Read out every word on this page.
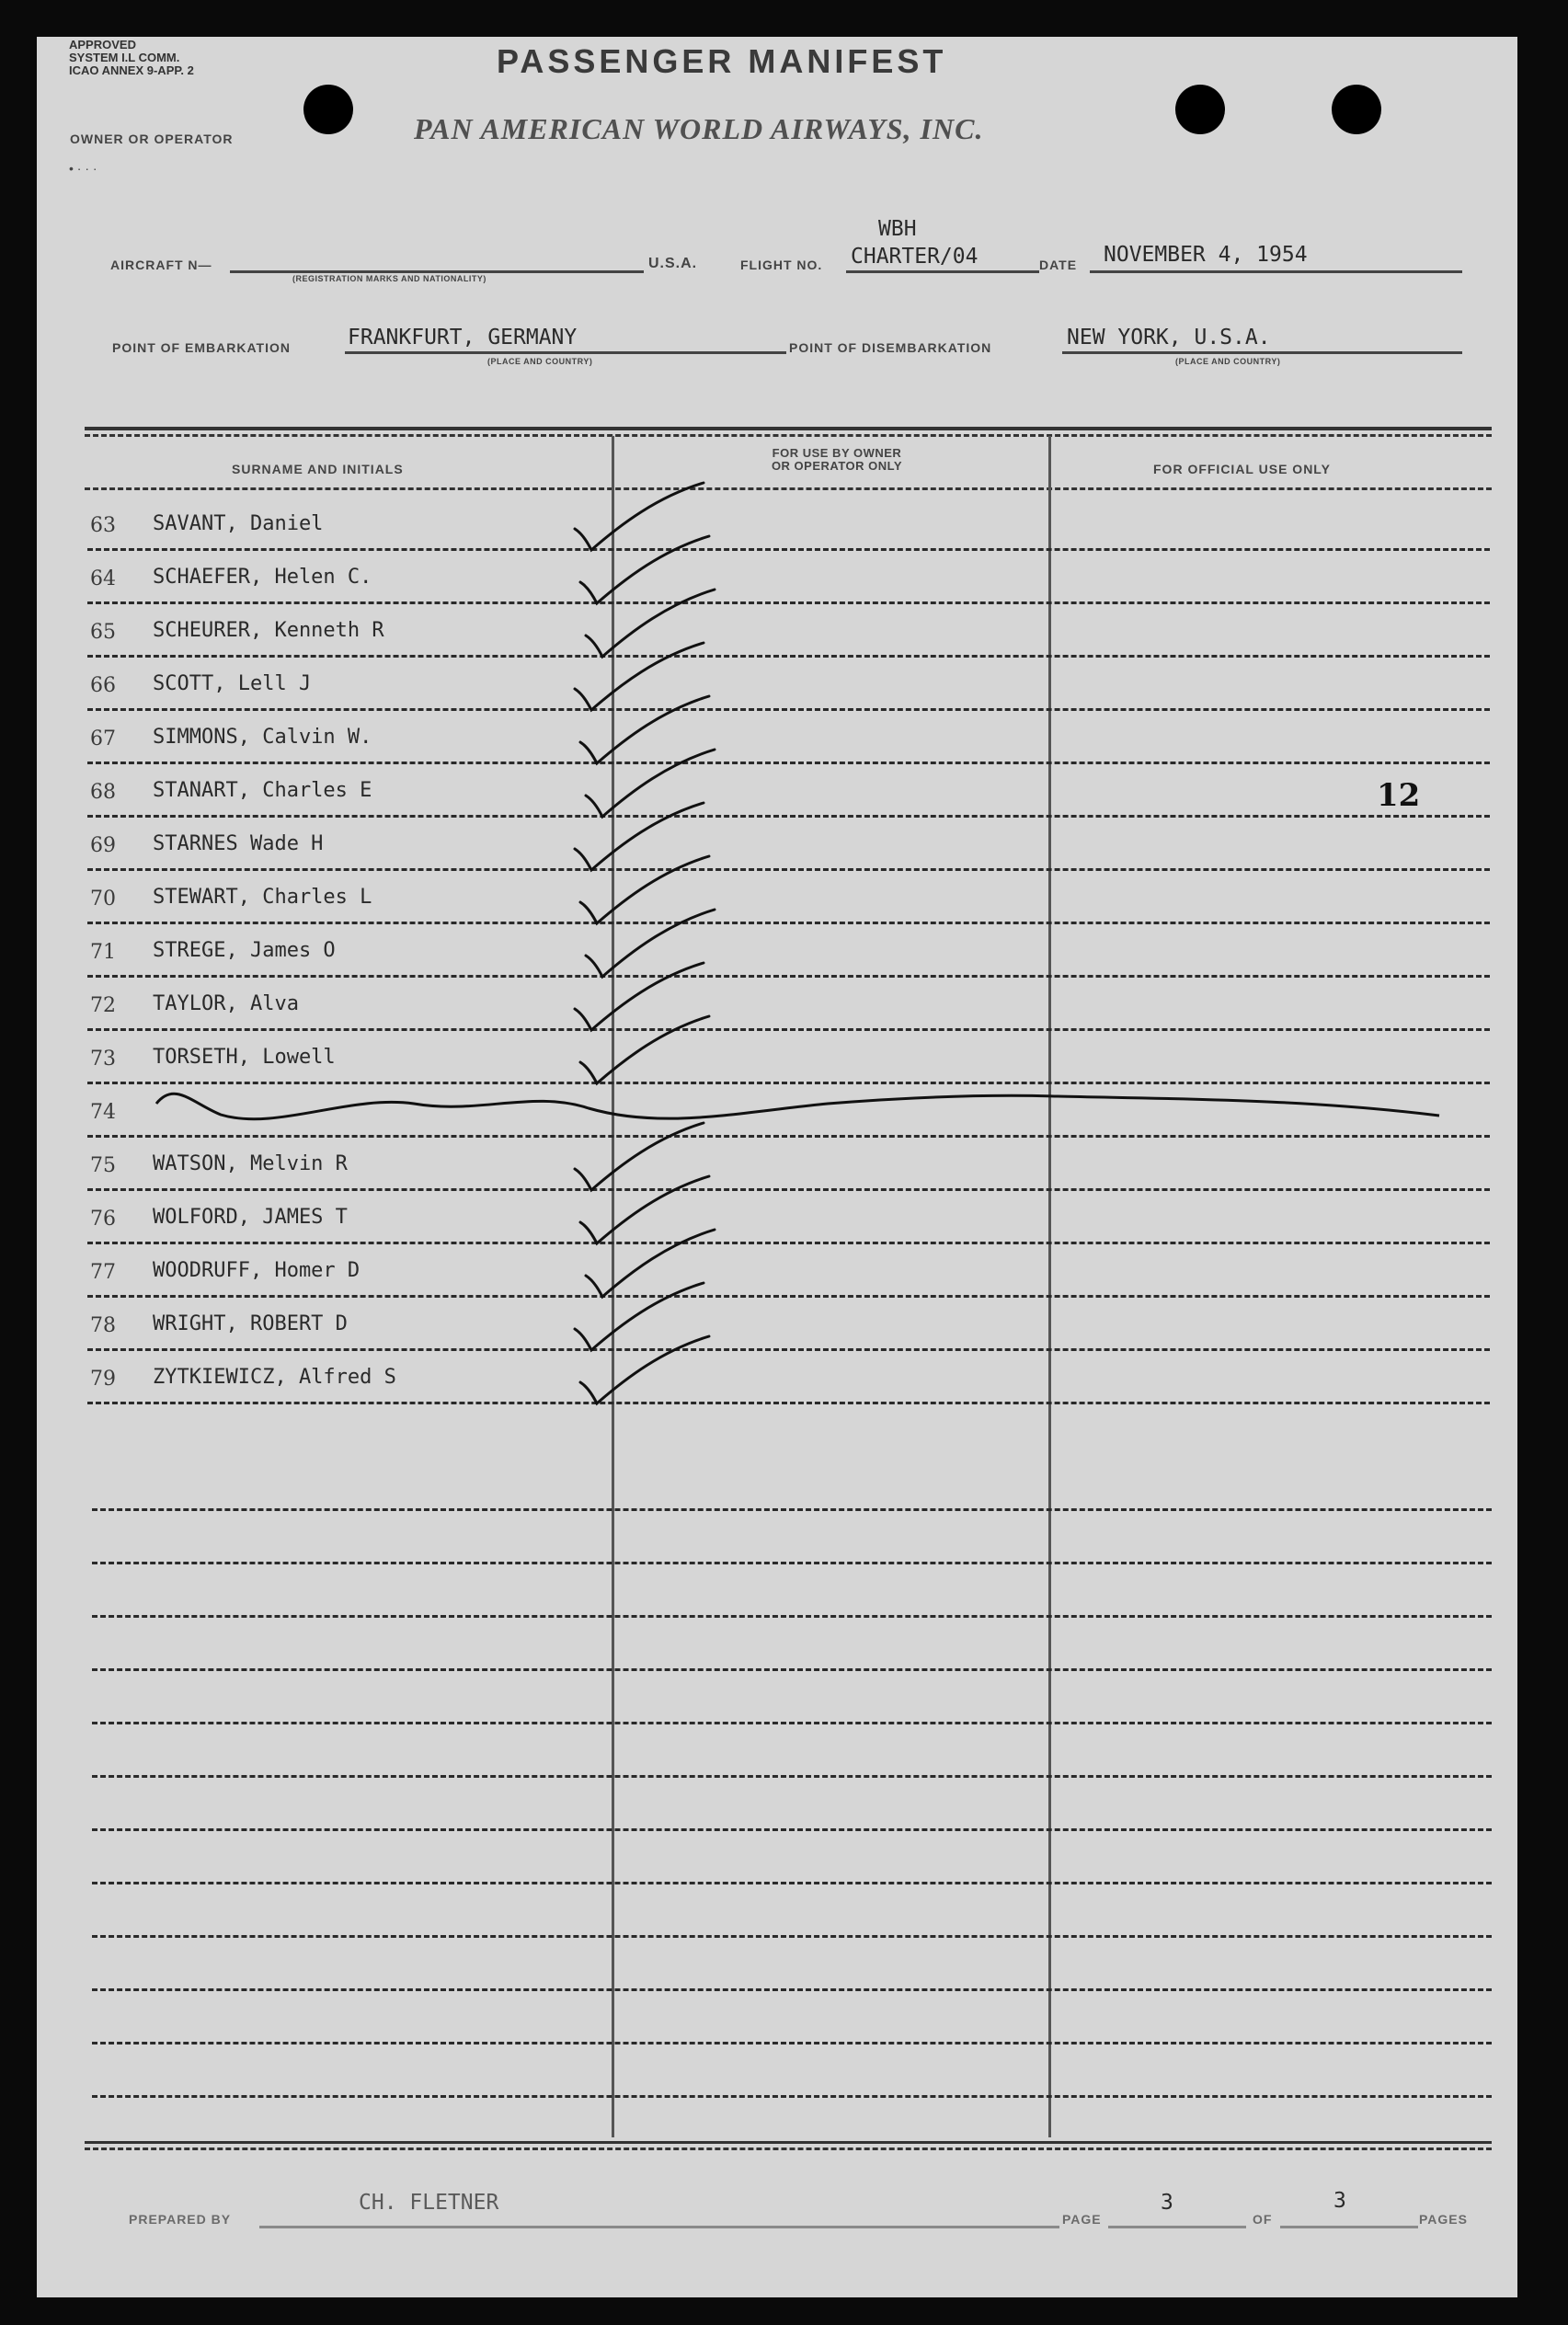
APPROVED
SYSTEM I.L COMM.
ICAO ANNEX 9-APP. 2	PASSENGER MANIFEST
PAN AMERICAN WORLD AIRWAYS, INC.
OWNER OR OPERATOR
• · · ·
AIRCRAFT N—
(REGISTRATION MARKS AND NATIONALITY)
U.S.A.	FLIGHT NO.
WBH
CHARTER/04	DATE NOVEMBER 4, 1954
POINT OF EMBARKATION	FRANKFURT, GERMANY
(PLACE AND COUNTRY)
POINT OF DISEMBARKATION	NEW YORK, U.S.A.
(PLACE AND COUNTRY)
SURNAME AND INITIALS
FOR USE BY OWNER
OR OPERATOR ONLY	FOR OFFICIAL USE ONLY
63	SAVANT, Daniel
64	SCHAEFER, Helen C.
65	SCHEURER, Kenneth R
66	SCOTT, Lell J
67	SIMMONS, Calvin W.
68	STANART, Charles E
69	STARNES Wade H
70	STEWART, Charles L
71	STREGE, James O
72	TAYLOR, Alva
73	TORSETH, Lowell
74
75	WATSON, Melvin R
76	WOLFORD, JAMES T
77	WOODRUFF, Homer D
78	WRIGHT, ROBERT D
79	ZYTKIEWICZ, Alfred S
12
PREPARED BY
CH. FLETNER
PAGE
3
OF
3
PAGES
